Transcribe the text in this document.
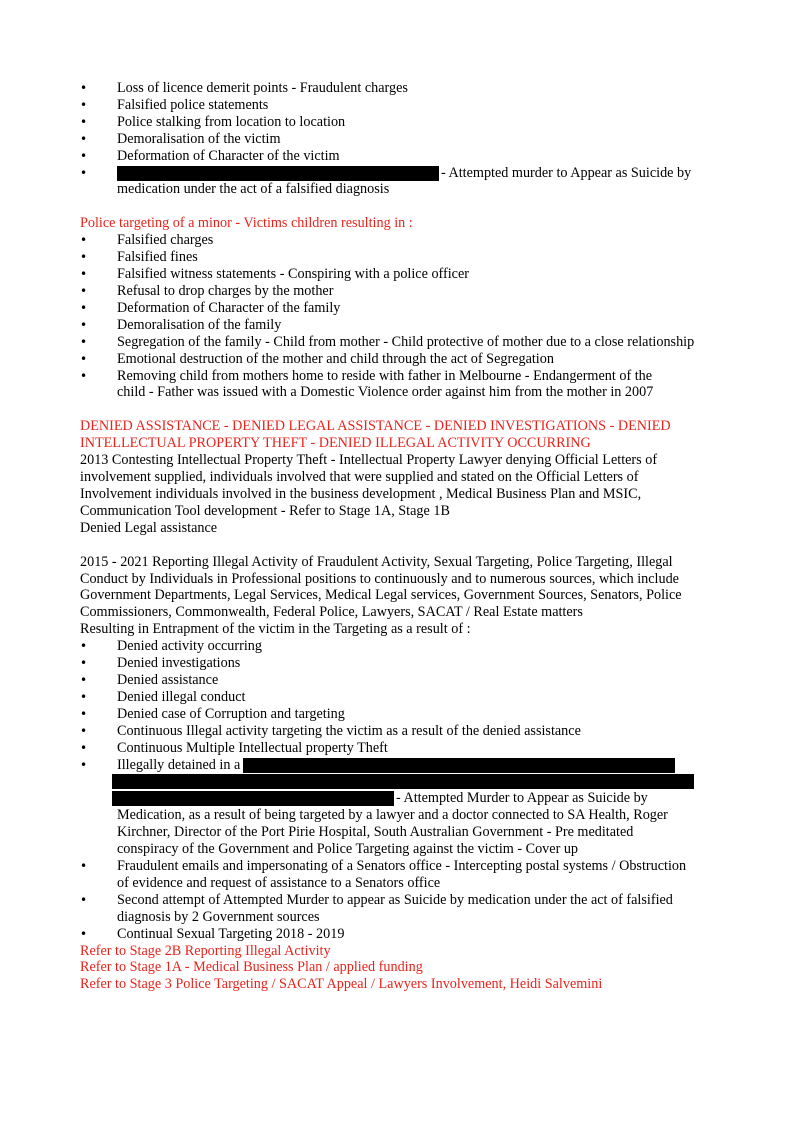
• Loss of licence demerit points - Fraudulent charges
• Falsified police statements
• Police stalking from location to location
• Demoralisation of the victim
• Deformation of Character of the victim
• - Attempted murder to Appear as Suicide by
medication under the act of a falsified diagnosis
Police targeting of a minor - Victims children resulting in :
• Falsified charges
• Falsified fines
• Falsified witness statements - Conspiring with a police officer
• Refusal to drop charges by the mother
• Deformation of Character of the family
• Demoralisation of the family
• Segregation of the family - Child from mother - Child protective of mother due to a close relationship
• Emotional destruction of the mother and child through the act of Segregation
• Removing child from mothers home to reside with father in Melbourne - Endangerment of the
child - Father was issued with a Domestic Violence order against him from the mother in 2007
DENIED ASSISTANCE - DENIED LEGAL ASSISTANCE - DENIED INVESTIGATIONS - DENIED
INTELLECTUAL PROPERTY THEFT - DENIED ILLEGAL ACTIVITY OCCURRING
2013 Contesting Intellectual Property Theft - Intellectual Property Lawyer denying Official Letters of
involvement supplied, individuals involved that were supplied and stated on the Official Letters of
Involvement individuals involved in the business development , Medical Business Plan and MSIC,
Communication Tool development - Refer to Stage 1A, Stage 1B
Denied Legal assistance
2015 - 2021 Reporting Illegal Activity of Fraudulent Activity, Sexual Targeting, Police Targeting, Illegal
Conduct by Individuals in Professional positions to continuously and to numerous sources, which include
Government Departments, Legal Services, Medical Legal services, Government Sources, Senators, Police
Commissioners, Commonwealth, Federal Police, Lawyers, SACAT / Real Estate matters
Resulting in Entrapment of the victim in the Targeting as a result of :
• Denied activity occurring
• Denied investigations
• Denied assistance
• Denied illegal conduct
• Denied case of Corruption and targeting
• Continuous Illegal activity targeting the victim as a result of the denied assistance
• Continuous Multiple Intellectual property Theft
• Illegally detained in a

- Attempted Murder to Appear as Suicide by
Medication, as a result of being targeted by a lawyer and a doctor connected to SA Health, Roger
Kirchner, Director of the Port Pirie Hospital, South Australian Government - Pre meditated
conspiracy of the Government and Police Targeting against the victim - Cover up
• Fraudulent emails and impersonating of a Senators office - Intercepting postal systems / Obstruction
of evidence and request of assistance to a Senators office
• Second attempt of Attempted Murder to appear as Suicide by medication under the act of falsified
diagnosis by 2 Government sources
• Continual Sexual Targeting 2018 - 2019
Refer to Stage 2B Reporting Illegal Activity
Refer to Stage 1A - Medical Business Plan / applied funding
Refer to Stage 3 Police Targeting / SACAT Appeal / Lawyers Involvement, Heidi Salvemini
